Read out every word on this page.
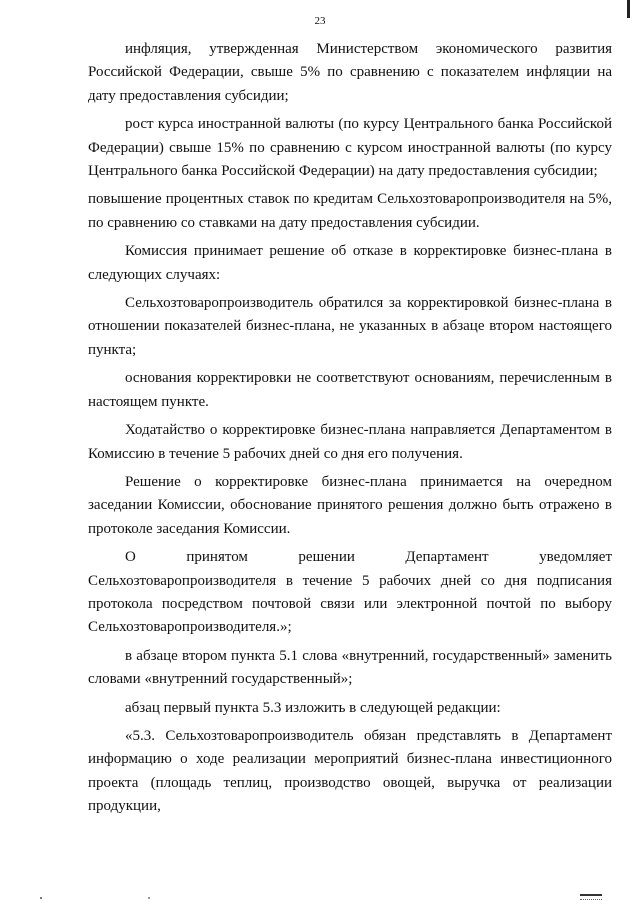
23

инфляция, утвержденная Министерством экономического развития Российской Федерации, свыше 5% по сравнению с показателем инфляции на дату предоставления субсидии;

рост курса иностранной валюты (по курсу Центрального банка Российской Федерации) свыше 15% по сравнению с курсом иностранной валюты (по курсу Центрального банка Российской Федерации) на дату предоставления субсидии;

повышение процентных ставок по кредитам Сельхозтоваропроизводителя на 5%, по сравнению со ставками на дату предоставления субсидии.

Комиссия принимает решение об отказе в корректировке бизнес-плана в следующих случаях:

Сельхозтоваропроизводитель обратился за корректировкой бизнес-плана в отношении показателей бизнес-плана, не указанных в абзаце втором настоящего пункта;

основания корректировки не соответствуют основаниям, перечисленным в настоящем пункте.

Ходатайство о корректировке бизнес-плана направляется Департаментом в Комиссию в течение 5 рабочих дней со дня его получения.

Решение о корректировке бизнес-плана принимается на очередном заседании Комиссии, обоснование принятого решения должно быть отражено в протоколе заседания Комиссии.

О принятом решении Департамент уведомляет Сельхозтоваропроизводителя в течение 5 рабочих дней со дня подписания протокола посредством почтовой связи или электронной почтой по выбору Сельхозтоваропроизводителя.»;

в абзаце втором пункта 5.1 слова «внутренний, государственный» заменить словами «внутренний государственный»;

абзац первый пункта 5.3 изложить в следующей редакции:

«5.3. Сельхозтоваропроизводитель обязан представлять в Департамент информацию о ходе реализации мероприятий бизнес-плана инвестиционного проекта (площадь теплиц, производство овощей, выручка от реализации продукции,
